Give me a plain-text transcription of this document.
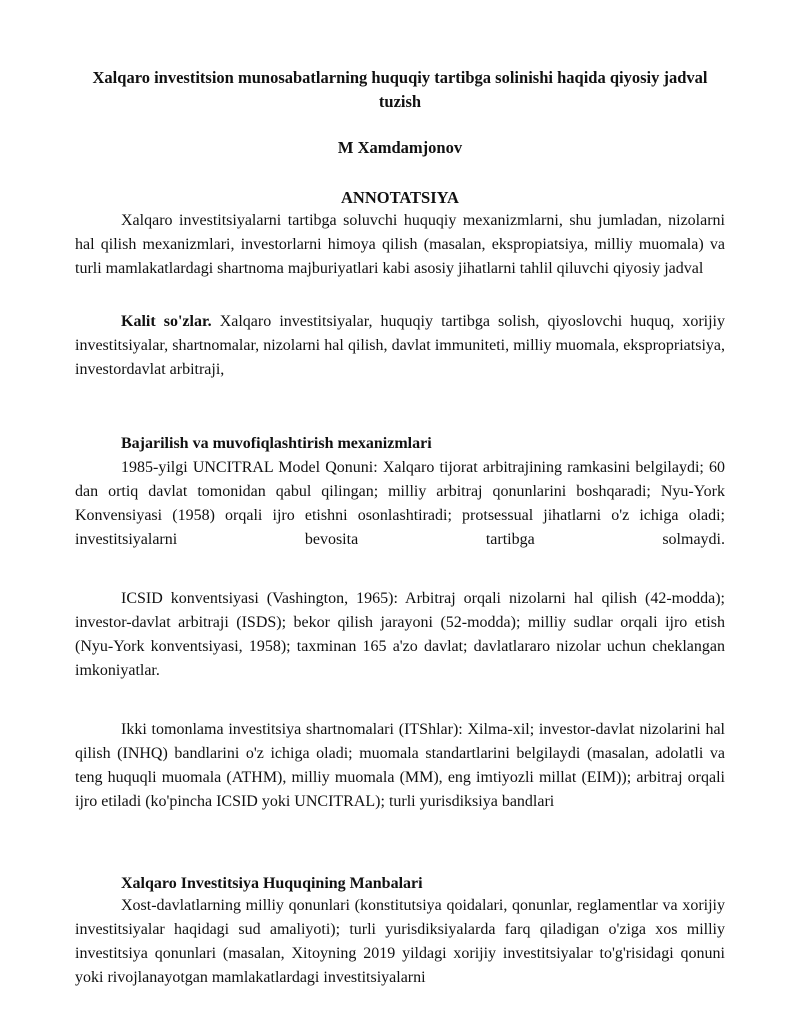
Xalqaro investitsion munosabatlarning huquqiy tartibga solinishi haqida qiyosiy jadval tuzish
M Xamdamjonov
ANNOTATSIYA

Xalqaro investitsiyalarni tartibga soluvchi huquqiy mexanizmlarni, shu jumladan, nizolarni hal qilish mexanizmlari, investorlarni himoya qilish (masalan, ekspropiatsiya, milliy muomala) va turli mamlakatlardagi shartnoma majburiyatlari kabi asosiy jihatlarni tahlil qiluvchi qiyosiy jadval

Kalit so'zlar. Xalqaro investitsiyalar, huquqiy tartibga solish, qiyoslovchi huquq, xorijiy investitsiyalar, shartnomalar, nizolarni hal qilish, davlat immuniteti, milliy muomala, ekspropriatsiya, investordavlat arbitraji,

Bajarilish va muvofiqlashtirish mexanizmlari

1985-yilgi UNCITRAL Model Qonuni: Xalqaro tijorat arbitrajining ramkasini belgilaydi; 60 dan ortiq davlat tomonidan qabul qilingan; milliy arbitraj qonunlarini boshqaradi; Nyu-York Konvensiyasi (1958) orqali ijro etishni osonlashtiradi; protsessual jihatlarni o'z ichiga oladi; investitsiyalarni bevosita tartibga solmaydi.

ICSID konventsiyasi (Vashington, 1965): Arbitraj orqali nizolarni hal qilish (42-modda); investor-davlat arbitraji (ISDS); bekor qilish jarayoni (52-modda); milliy sudlar orqali ijro etish (Nyu-York konventsiyasi, 1958); taxminan 165 a'zo davlat; davlatlararo nizolar uchun cheklangan imkoniyatlar.

Ikki tomonlama investitsiya shartnomalari (ITShlar): Xilma-xil; investor-davlat nizolarini hal qilish (INHQ) bandlarini o'z ichiga oladi; muomala standartlarini belgilaydi (masalan, adolatli va teng huquqli muomala (ATHM), milliy muomala (MM), eng imtiyozli millat (EIM)); arbitraj orqali ijro etiladi (ko'pincha ICSID yoki UNCITRAL); turli yurisdiksiya bandlari

Xalqaro Investitsiya Huquqining Manbalari

Xost-davlatlarning milliy qonunlari (konstitutsiya qoidalari, qonunlar, reglamentlar va xorijiy investitsiyalar haqidagi sud amaliyoti); turli yurisdiksiyalarda farq qiladigan o'ziga xos milliy investitsiya qonunlari (masalan, Xitoyning 2019 yildagi xorijiy investitsiyalar to'g'risidagi qonuni yoki rivojlanayotgan mamlakatlardagi investitsiyalarni
